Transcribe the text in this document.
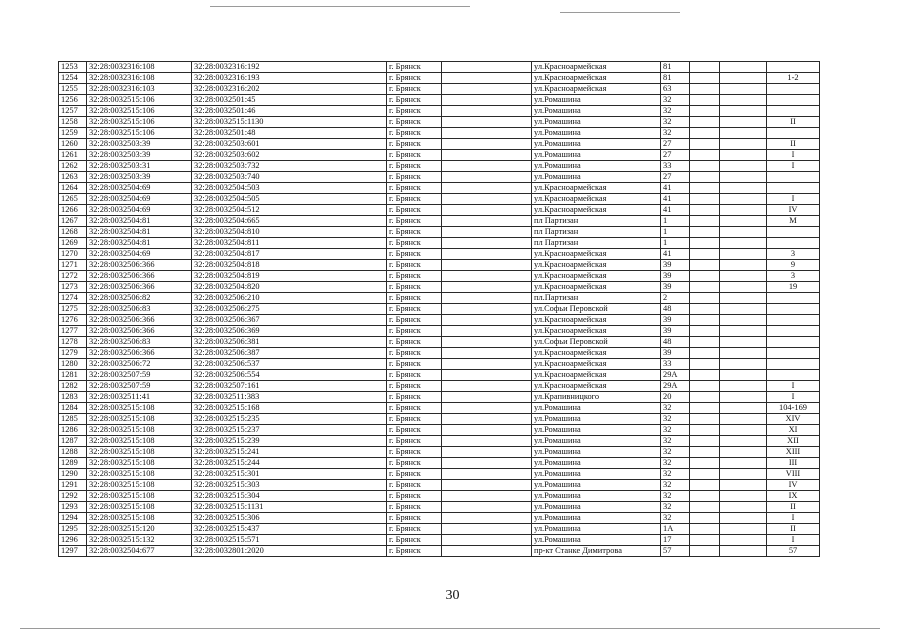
1253	32:28:0032316:108	32:28:0032316:192	г. Брянск		ул.Красноармейская	81			
1254	32:28:0032316:108	32:28:0032316:193	г. Брянск		ул.Красноармейская	81			1-2
1255	32:28:0032316:103	32:28:0032316:202	г. Брянск		ул.Красноармейская	63			
1256	32:28:0032515:106	32:28:0032501:45	г. Брянск		ул.Ромашина	32			
1257	32:28:0032515:106	32:28:0032501:46	г. Брянск		ул.Ромашина	32			
1258	32:28:0032515:106	32:28:0032515:1130	г. Брянск		ул.Ромашина	32			II
1259	32:28:0032515:106	32:28:0032501:48	г. Брянск		ул.Ромашина	32			
1260	32:28:0032503:39	32:28:0032503:601	г. Брянск		ул.Ромашина	27			II
1261	32:28:0032503:39	32:28:0032503:602	г. Брянск		ул.Ромашина	27			I
1262	32:28:0032503:31	32:28:0032503:732	г. Брянск		ул.Ромашина	33			I
1263	32:28:0032503:39	32:28:0032503:740	г. Брянск		ул.Ромашина	27			
1264	32:28:0032504:69	32:28:0032504:503	г. Брянск		ул.Красноармейская	41			
1265	32:28:0032504:69	32:28:0032504:505	г. Брянск		ул.Красноармейская	41			I
1266	32:28:0032504:69	32:28:0032504:512	г. Брянск		ул.Красноармейская	41			IV
1267	32:28:0032504:81	32:28:0032504:665	г. Брянск		пл Партизан	1			М
1268	32:28:0032504:81	32:28:0032504:810	г. Брянск		пл Партизан	1			
1269	32:28:0032504:81	32:28:0032504:811	г. Брянск		пл Партизан	1			
1270	32:28:0032504:69	32:28:0032504:817	г. Брянск		ул.Красноармейская	41			3
1271	32:28:0032506:366	32:28:0032504:818	г. Брянск		ул.Красноармейская	39			9
1272	32:28:0032506:366	32:28:0032504:819	г. Брянск		ул.Красноармейская	39			3
1273	32:28:0032506:366	32:28:0032504:820	г. Брянск		ул.Красноармейская	39			19
1274	32:28:0032506:82	32:28:0032506:210	г. Брянск		пл.Партизан	2			
1275	32:28:0032506:83	32:28:0032506:275	г. Брянск		ул.Софьи Перовской	48			
1276	32:28:0032506:366	32:28:0032506:367	г. Брянск		ул.Красноармейская	39			
1277	32:28:0032506:366	32:28:0032506:369	г. Брянск		ул.Красноармейская	39			
1278	32:28:0032506:83	32:28:0032506:381	г. Брянск		ул.Софьи Перовской	48			
1279	32:28:0032506:366	32:28:0032506:387	г. Брянск		ул.Красноармейская	39			
1280	32:28:0032506:72	32:28:0032506:537	г. Брянск		ул.Красноармейская	33			
1281	32:28:0032507:59	32:28:0032506:554	г. Брянск		ул.Красноармейская	29А			
1282	32:28:0032507:59	32:28:0032507:161	г. Брянск		ул.Красноармейская	29А			I
1283	32:28:0032511:41	32:28:0032511:383	г. Брянск		ул.Крапивницкого	20			I
1284	32:28:0032515:108	32:28:0032515:168	г. Брянск		ул.Ромашина	32			104-169
1285	32:28:0032515:108	32:28:0032515:235	г. Брянск		ул.Ромашина	32			XIV
1286	32:28:0032515:108	32:28:0032515:237	г. Брянск		ул.Ромашина	32			XI
1287	32:28:0032515:108	32:28:0032515:239	г. Брянск		ул.Ромашина	32			XII
1288	32:28:0032515:108	32:28:0032515:241	г. Брянск		ул.Ромашина	32			XIII
1289	32:28:0032515:108	32:28:0032515:244	г. Брянск		ул.Ромашина	32			III
1290	32:28:0032515:108	32:28:0032515:301	г. Брянск		ул.Ромашина	32			VIII
1291	32:28:0032515:108	32:28:0032515:303	г. Брянск		ул.Ромашина	32			IV
1292	32:28:0032515:108	32:28:0032515:304	г. Брянск		ул.Ромашина	32			IX
1293	32:28:0032515:108	32:28:0032515:1131	г. Брянск		ул.Ромашина	32			II
1294	32:28:0032515:108	32:28:0032515:306	г. Брянск		ул.Ромашина	32			I
1295	32:28:0032515:120	32:28:0032515:437	г. Брянск		ул.Ромашина	1А			II
1296	32:28:0032515:132	32:28:0032515:571	г. Брянск		ул.Ромашина	17			I
1297	32:28:0032504:677	32:28:0032801:2020	г. Брянск		пр-кт Станке Димитрова	57			57
30
